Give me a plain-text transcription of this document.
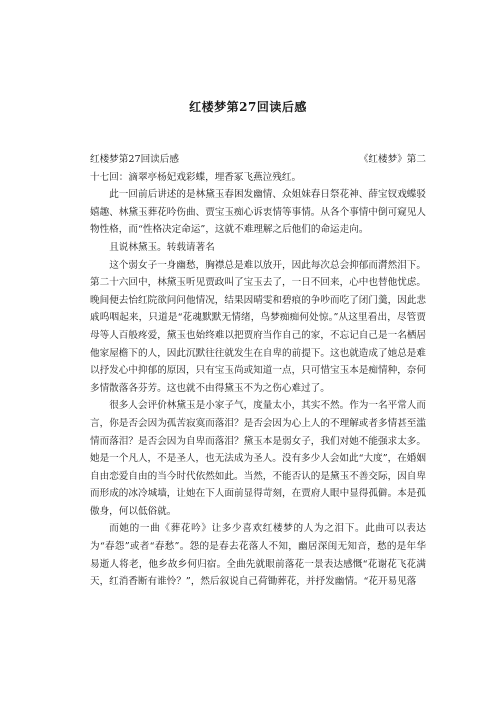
红楼梦第27回读后感
红楼梦第27回读后感	《红楼梦》第二

十七回：滴翠亭杨妃戏彩蝶，埋香冢飞燕泣残红。

此一回前后讲述的是林黛玉春困发幽情、众姐妹春日祭花神、薛宝钗戏蝶驳嬉趣、林黛玉葬花吟伤曲、贾宝玉痴心诉衷情等事情。从各个事情中倒可窥见人物性格，而“性格决定命运”，这就不难理解之后他们的命运走向。

且说林黛玉。转载请著名

这个弱女子一身幽愁，胸襟总是难以放开，因此每次总会抑郁而潸然泪下。第二十六回中，林黛玉听见贾政叫了宝玉去了，一日不回来，心中也替他忧虑。晚间便去怡红院欲问问他情况，结果因晴雯和碧痕的争吵而吃了闭门羹，因此悲戚呜咽起来，只道是“花魂默默无情绪，鸟梦痴痴何处惊。”从这里看出，尽管贾母等人百般疼爱，黛玉也始终难以把贾府当作自己的家，不忘记自己是一名栖居他家屋檐下的人，因此沉默往往就发生在自卑的前提下。这也就造成了她总是难以抒发心中抑郁的原因，只有宝玉尚或知道一点，只可惜宝玉本是痴情种，奈何多情散落各芬芳。这也就不由得黛玉不为之伤心难过了。

很多人会评价林黛玉是小家子气，度量太小，其实不然。作为一名平常人而言，你是否会因为孤苦寂寞而落泪？是否会因为心上人的不理解或者多情甚至滥情而落泪？是否会因为自卑而落泪？黛玉本是弱女子，我们对她不能强求太多。她是一个凡人，不是圣人，也无法成为圣人。没有多少人会如此“大度”，在婚姻自由恋爱自由的当今时代依然如此。当然，不能否认的是黛玉不善交际，因自卑而形成的冰冷城墙，让她在下人面前显得苛刻，在贾府人眼中显得孤僻。本是孤傲身，何以低俗就。

而她的一曲《葬花吟》让多少喜欢红楼梦的人为之泪下。此曲可以表达为“春怨”或者“春愁”。怨的是春去花落人不知，幽居深闺无知音，愁的是年华易逝人将老，他乡故乡何归宿。全曲先就眼前落花一景表达感慨“花谢花飞花满天，红消香断有谁怜？”，然后叙说自己荷锄葬花，并抒发幽情。“花开易见落
